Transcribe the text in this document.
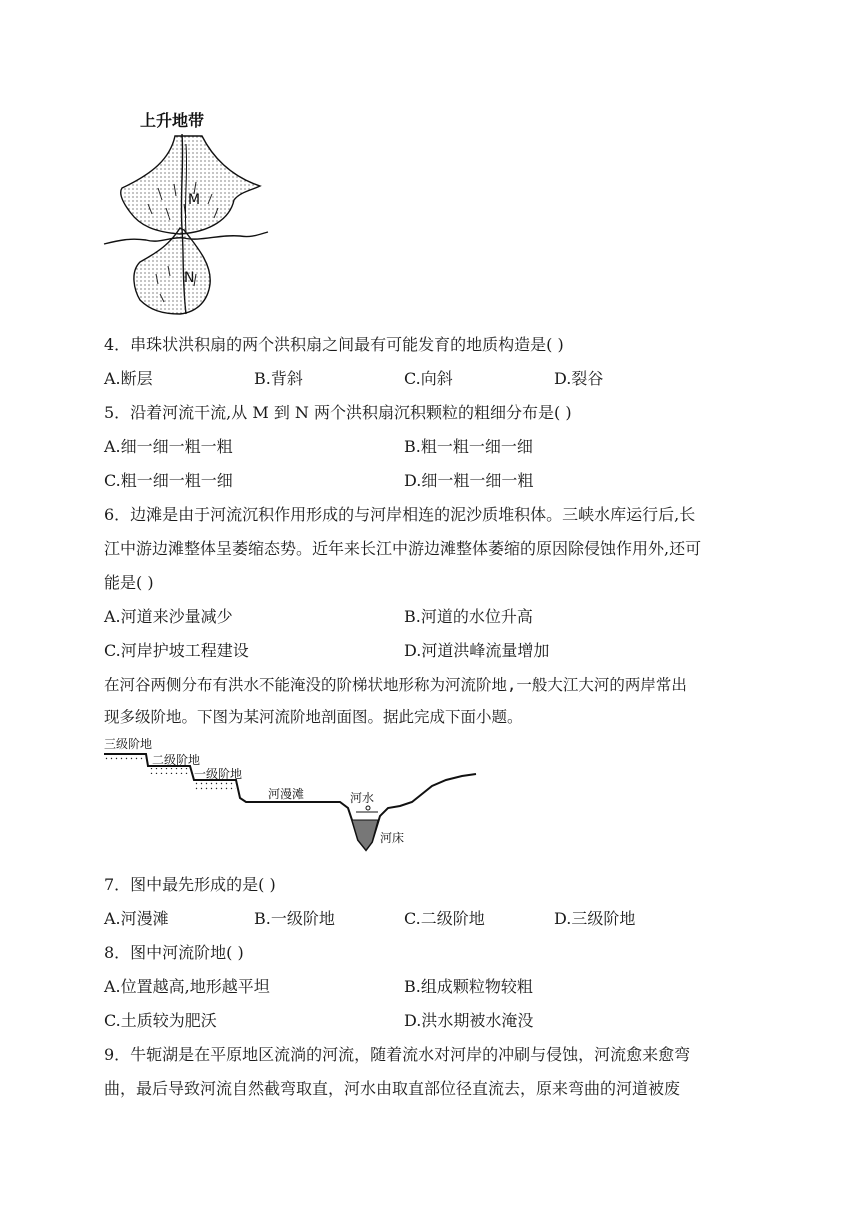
上升地带
M
N
4．串珠状洪积扇的两个洪积扇之间最有可能发育的地质构造是( )
A.断层	B.背斜	C.向斜	D.裂谷
5．沿着河流干流,从 M 到 N 两个洪积扇沉积颗粒的粗细分布是( )
A.细一细一粗一粗	B.粗一粗一细一细
C.粗一细一粗一细	D.细一粗一细一粗
6．边滩是由于河流沉积作用形成的与河岸相连的泥沙质堆积体。三峡水库运行后,长
江中游边滩整体呈萎缩态势。近年来长江中游边滩整体萎缩的原因除侵蚀作用外,还可
能是( )
A.河道来沙量减少	B.河道的水位升高
C.河岸护坡工程建设	D.河道洪峰流量增加
在河谷两侧分布有洪水不能淹没的阶梯状地形称为河流阶地,一般大江大河的两岸常出
现多级阶地。下图为某河流阶地剖面图。据此完成下面小题。
三级阶地
二级阶地
一级阶地
河漫滩	河水
河床
7．图中最先形成的是( )
A.河漫滩	B.一级阶地	C.二级阶地	D.三级阶地
8．图中河流阶地( )
A.位置越高,地形越平坦	B.组成颗粒物较粗
C.土质较为肥沃	D.洪水期被水淹没
9．牛轭湖是在平原地区流淌的河流，随着流水对河岸的冲刷与侵蚀，河流愈来愈弯
曲，最后导致河流自然截弯取直，河水由取直部位径直流去，原来弯曲的河道被废
